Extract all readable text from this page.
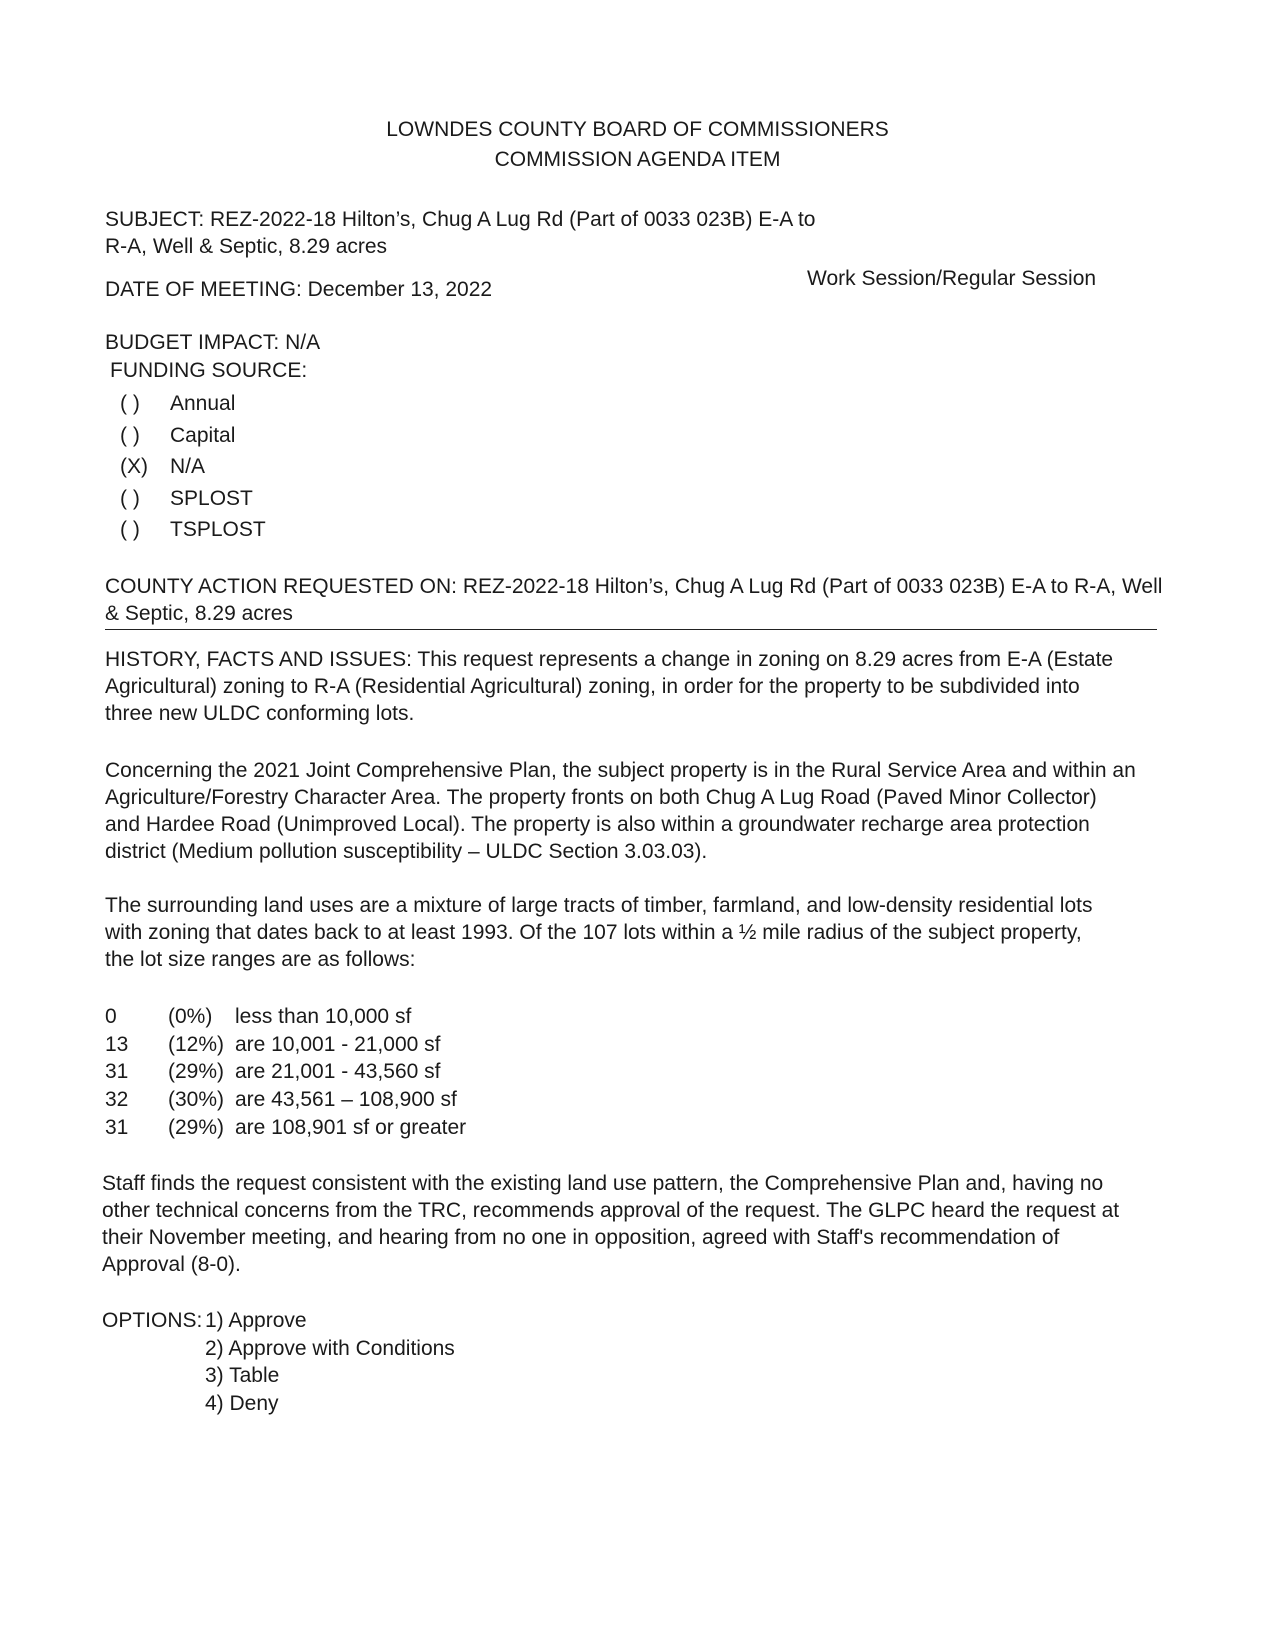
LOWNDES COUNTY BOARD OF COMMISSIONERS
COMMISSION AGENDA ITEM
SUBJECT: REZ-2022-18 Hilton’s, Chug A Lug Rd (Part of 0033 023B) E-A to
R-A, Well & Septic, 8.29 acres
DATE OF MEETING: December 13, 2022	Work Session/Regular Session
BUDGET IMPACT: N/A
FUNDING SOURCE:
( )	Annual
( )	Capital
(X)	N/A
( )	SPLOST
( )	TSPLOST
COUNTY ACTION REQUESTED ON: REZ-2022-18 Hilton’s, Chug A Lug Rd (Part of 0033 023B) E-A to R-A, Well
& Septic, 8.29 acres
HISTORY, FACTS AND ISSUES: This request represents a change in zoning on 8.29 acres from E-A (Estate
Agricultural) zoning to R-A (Residential Agricultural) zoning, in order for the property to be subdivided into
three new ULDC conforming lots.
Concerning the 2021 Joint Comprehensive Plan, the subject property is in the Rural Service Area and within an
Agriculture/Forestry Character Area. The property fronts on both Chug A Lug Road (Paved Minor Collector)
and Hardee Road (Unimproved Local). The property is also within a groundwater recharge area protection
district (Medium pollution susceptibility – ULDC Section 3.03.03).
The surrounding land uses are a mixture of large tracts of timber, farmland, and low-density residential lots
with zoning that dates back to at least 1993. Of the 107 lots within a ½ mile radius of the subject property,
the lot size ranges are as follows:
0 (0%) less than 10,000 sf
13 (12%) are 10,001 - 21,000 sf
31 (29%) are 21,001 - 43,560 sf
32 (30%) are 43,561 – 108,900 sf
31 (29%) are 108,901 sf or greater
Staff finds the request consistent with the existing land use pattern, the Comprehensive Plan and, having no
other technical concerns from the TRC, recommends approval of the request. The GLPC heard the request at
their November meeting, and hearing from no one in opposition, agreed with Staff's recommendation of
Approval (8-0).
OPTIONS: 1) Approve
2) Approve with Conditions
3) Table
4) Deny
